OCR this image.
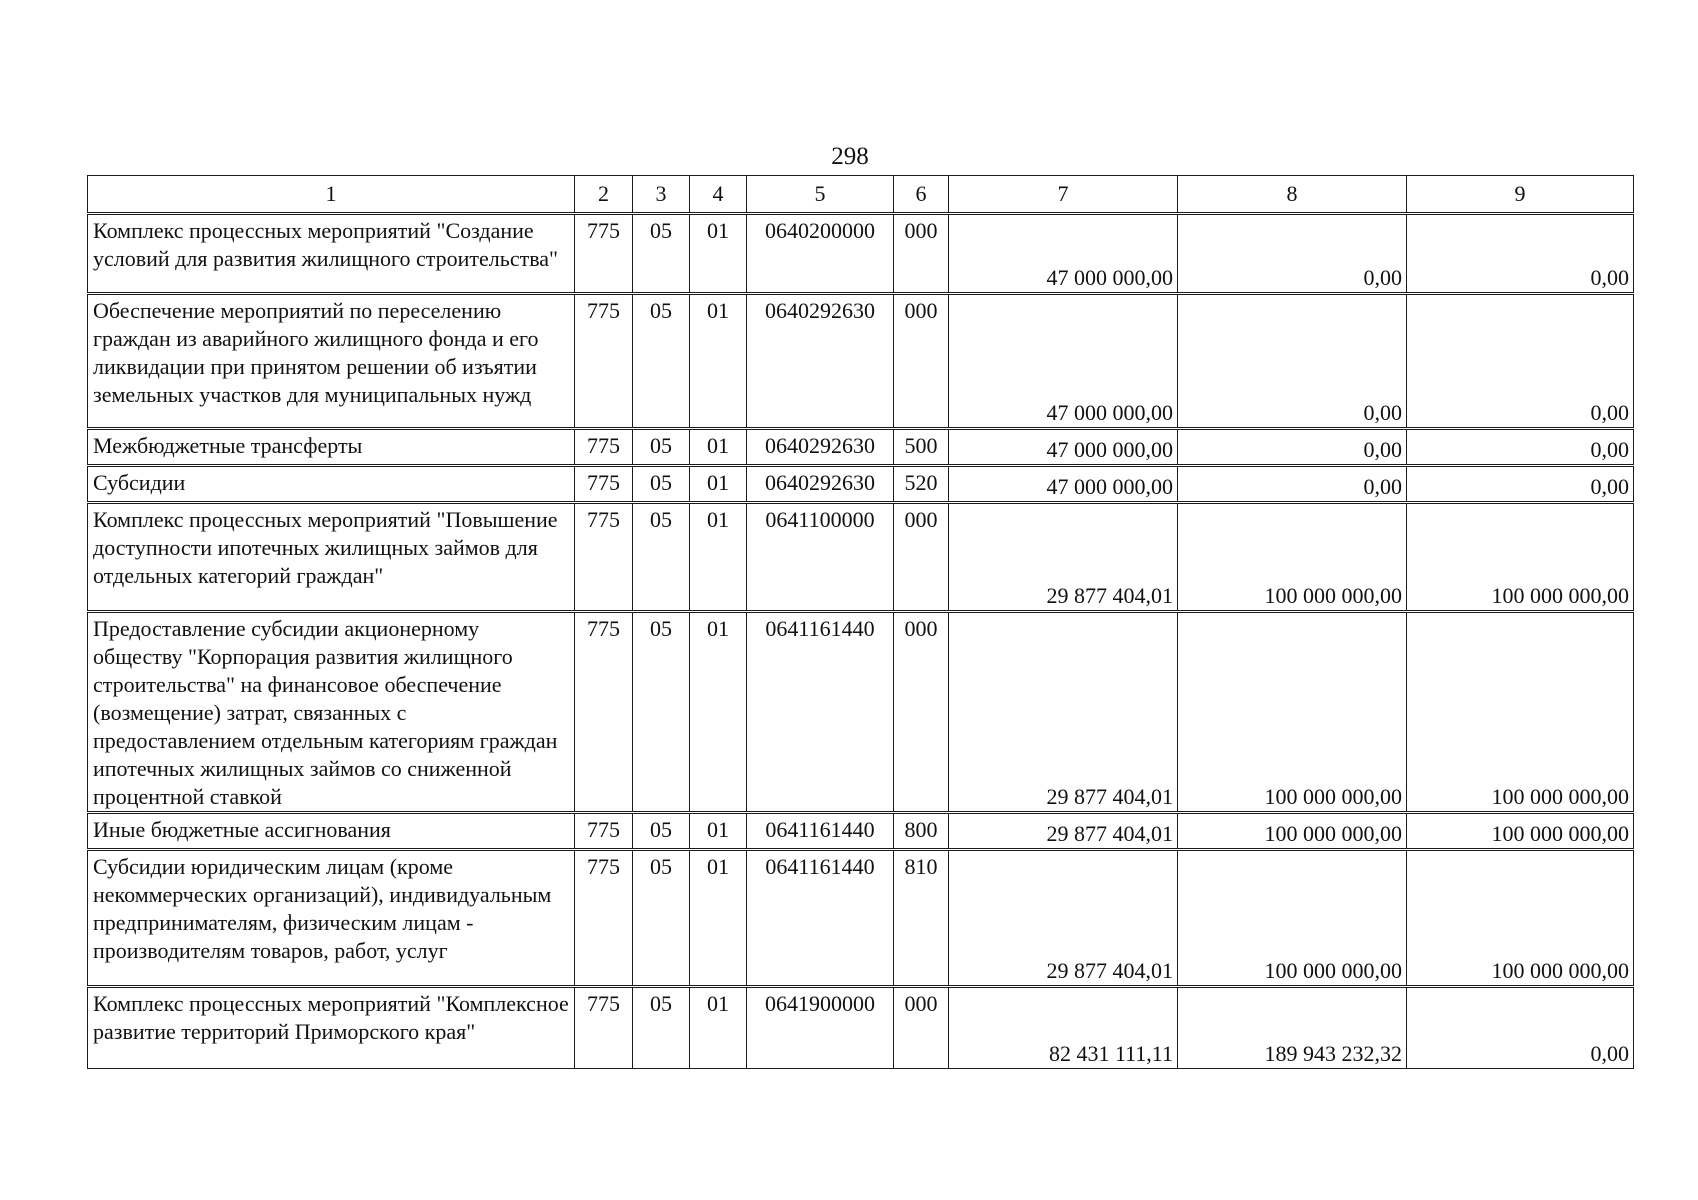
298
1	2	3	4	5	6	7	8	9
Комплекс процессных мероприятий "Создание условий для развития жилищного строительства"	775	05	01	0640200000	000	47 000 000,00	0,00	0,00
Обеспечение мероприятий по переселению граждан из аварийного жилищного фонда и его ликвидации при принятом решении об изъятии земельных участков для муниципальных нужд	775	05	01	0640292630	000	47 000 000,00	0,00	0,00
Межбюджетные трансферты	775	05	01	0640292630	500	47 000 000,00	0,00	0,00
Субсидии	775	05	01	0640292630	520	47 000 000,00	0,00	0,00
Комплекс процессных мероприятий "Повышение доступности ипотечных жилищных займов для отдельных категорий граждан"	775	05	01	0641100000	000	29 877 404,01	100 000 000,00	100 000 000,00
Предоставление субсидии акционерному обществу "Корпорация развития жилищного строительства" на финансовое обеспечение (возмещение) затрат, связанных с предоставлением отдельным категориям граждан ипотечных жилищных займов со сниженной процентной ставкой	775	05	01	0641161440	000	29 877 404,01	100 000 000,00	100 000 000,00
Иные бюджетные ассигнования	775	05	01	0641161440	800	29 877 404,01	100 000 000,00	100 000 000,00
Субсидии юридическим лицам (кроме некоммерческих организаций), индивидуальным предпринимателям, физическим лицам - производителям товаров, работ, услуг	775	05	01	0641161440	810	29 877 404,01	100 000 000,00	100 000 000,00
Комплекс процессных мероприятий "Комплексное развитие территорий Приморского края"	775	05	01	0641900000	000	82 431 111,11	189 943 232,32	0,00
